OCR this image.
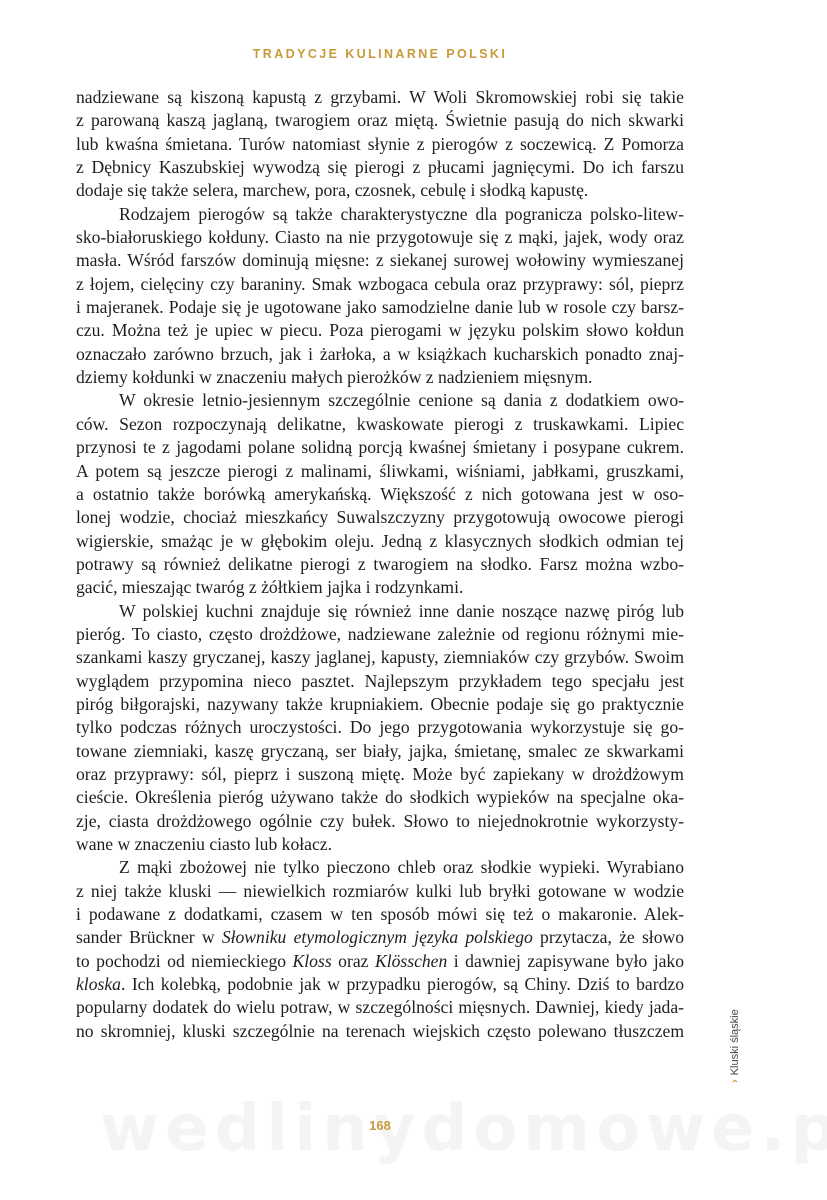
TRADYCJE KULINARNE POLSKI
nadziewane są kiszoną kapustą z grzybami. W Woli Skromowskiej robi się takie
z parowaną kaszą jaglaną, twarogiem oraz miętą. Świetnie pasują do nich skwarki
lub kwaśna śmietana. Turów natomiast słynie z pierogów z soczewicą. Z Pomorza
z Dębnicy Kaszubskiej wywodzą się pierogi z płucami jagnięcymi. Do ich farszu
dodaje się także selera, marchew, pora, czosnek, cebulę i słodką kapustę.
Rodzajem pierogów są także charakterystyczne dla pogranicza polsko-litew-
sko-białoruskiego kołduny. Ciasto na nie przygotowuje się z mąki, jajek, wody oraz
masła. Wśród farszów dominują mięsne: z siekanej surowej wołowiny wymieszanej
z łojem, cielęciny czy baraniny. Smak wzbogaca cebula oraz przyprawy: sól, pieprz
i majeranek. Podaje się je ugotowane jako samodzielne danie lub w rosole czy barsz-
czu. Można też je upiec w piecu. Poza pierogami w języku polskim słowo kołdun
oznaczało zarówno brzuch, jak i żarłoka, a w książkach kucharskich ponadto znaj-
dziemy kołdunki w znaczeniu małych pierożków z nadzieniem mięsnym.
W okresie letnio-jesiennym szczególnie cenione są dania z dodatkiem owo-
ców. Sezon rozpoczynają delikatne, kwaskowate pierogi z truskawkami. Lipiec
przynosi te z jagodami polane solidną porcją kwaśnej śmietany i posypane cukrem.
A potem są jeszcze pierogi z malinami, śliwkami, wiśniami, jabłkami, gruszkami,
a ostatnio także borówką amerykańską. Większość z nich gotowana jest w oso-
lonej wodzie, chociaż mieszkańcy Suwalszczyzny przygotowują owocowe pierogi
wigierskie, smażąc je w głębokim oleju. Jedną z klasycznych słodkich odmian tej
potrawy są również delikatne pierogi z twarogiem na słodko. Farsz można wzbo-
gacić, mieszając twaróg z żółtkiem jajka i rodzynkami.
W polskiej kuchni znajduje się również inne danie noszące nazwę piróg lub
pieróg. To ciasto, często drożdżowe, nadziewane zależnie od regionu różnymi mie-
szankami kaszy gryczanej, kaszy jaglanej, kapusty, ziemniaków czy grzybów. Swoim
wyglądem przypomina nieco pasztet. Najlepszym przykładem tego specjału jest
piróg biłgorajski, nazywany także krupniakiem. Obecnie podaje się go praktycznie
tylko podczas różnych uroczystości. Do jego przygotowania wykorzystuje się go-
towane ziemniaki, kaszę gryczaną, ser biały, jajka, śmietanę, smalec ze skwarkami
oraz przyprawy: sól, pieprz i suszoną miętę. Może być zapiekany w drożdżowym
cieście. Określenia pieróg używano także do słodkich wypieków na specjalne oka-
zje, ciasta drożdżowego ogólnie czy bułek. Słowo to niejednokrotnie wykorzysty-
wane w znaczeniu ciasto lub kołacz.
Z mąki zbożowej nie tylko pieczono chleb oraz słodkie wypieki. Wyrabiano
z niej także kluski — niewielkich rozmiarów kulki lub bryłki gotowane w wodzie
i podawane z dodatkami, czasem w ten sposób mówi się też o makaronie. Alek-
sander Brückner w Słowniku etymologicznym języka polskiego przytacza, że słowo
to pochodzi od niemieckiego Kloss oraz Klösschen i dawniej zapisywane było jako
kloska. Ich kolebką, podobnie jak w przypadku pierogów, są Chiny. Dziś to bardzo
popularny dodatek do wielu potraw, w szczególności mięsnych. Dawniej, kiedy jada-
no skromniej, kluski szczególnie na terenach wiejskich często polewano tłuszczem
›Kluski śląskie
168
